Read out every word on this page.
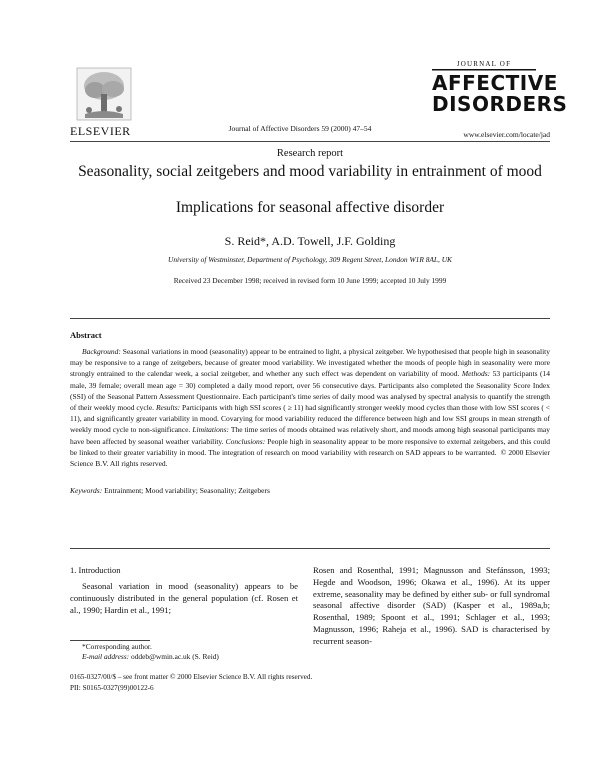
ELSEVIER	Journal of Affective Disorders 59 (2000) 47–54
JOURNAL OF
AFFECTIVE
DISORDERS
www.elsevier.com/locate/jad
Research report
Seasonality, social zeitgebers and mood variability in entrainment of mood
Implications for seasonal affective disorder
S. Reid*, A.D. Towell, J.F. Golding
University of Westminster, Department of Psychology, 309 Regent Street, London W1R 8AL, UK
Received 23 December 1998; received in revised form 10 June 1999; accepted 10 July 1999
Abstract

Background: Seasonal variations in mood (seasonality) appear to be entrained to light, a physical zeitgeber. We hypothesised that people high in seasonality may be responsive to a range of zeitgebers, because of greater mood variability. We investigated whether the moods of people high in seasonality were more strongly entrained to the calendar week, a social zeitgeber, and whether any such effect was dependent on variability of mood. Methods: 53 participants (14 male, 39 female; overall mean age = 30) completed a daily mood report, over 56 consecutive days. Participants also completed the Seasonality Score Index (SSI) of the Seasonal Pattern Assessment Questionnaire. Each participant's time series of daily mood was analysed by spectral analysis to quantify the strength of their weekly mood cycle. Results: Participants with high SSI scores ( ≥ 11) had significantly stronger weekly mood cycles than those with low SSI scores ( < 11), and significantly greater variability in mood. Covarying for mood variability reduced the difference between high and low SSI groups in mean strength of weekly mood cycle to non-significance. Limitations: The time series of moods obtained was relatively short, and moods among high seasonal participants may have been affected by seasonal weather variability. Conclusions: People high in seasonality appear to be more responsive to external zeitgebers, and this could be linked to their greater variability in mood. The integration of research on mood variability with research on SAD appears to be warranted. © 2000 Elsevier Science B.V. All rights reserved.

Keywords: Entrainment; Mood variability; Seasonality; Zeitgebers
1. Introduction

Seasonal variation in mood (seasonality) appears to be continuously distributed in the general population (cf. Rosen et al., 1990; Hardin et al., 1991;

Rosen and Rosenthal, 1991; Magnusson and Stefánsson, 1993; Hegde and Woodson, 1996; Okawa et al., 1996). At its upper extreme, seasonality may be defined by either sub- or full syndromal seasonal affective disorder (SAD) (Kasper et al., 1989a,b; Rosenthal, 1989; Spoont et al., 1991; Schlager et al., 1993; Magnusson, 1996; Raheja et al., 1996). SAD is characterised by recurrent season-

*Corresponding author.
E-mail address: oddeb@wmin.ac.uk (S. Reid)
0165-0327/00/$ – see front matter © 2000 Elsevier Science B.V. All rights reserved.
PII: S0165-0327(99)00122-6
